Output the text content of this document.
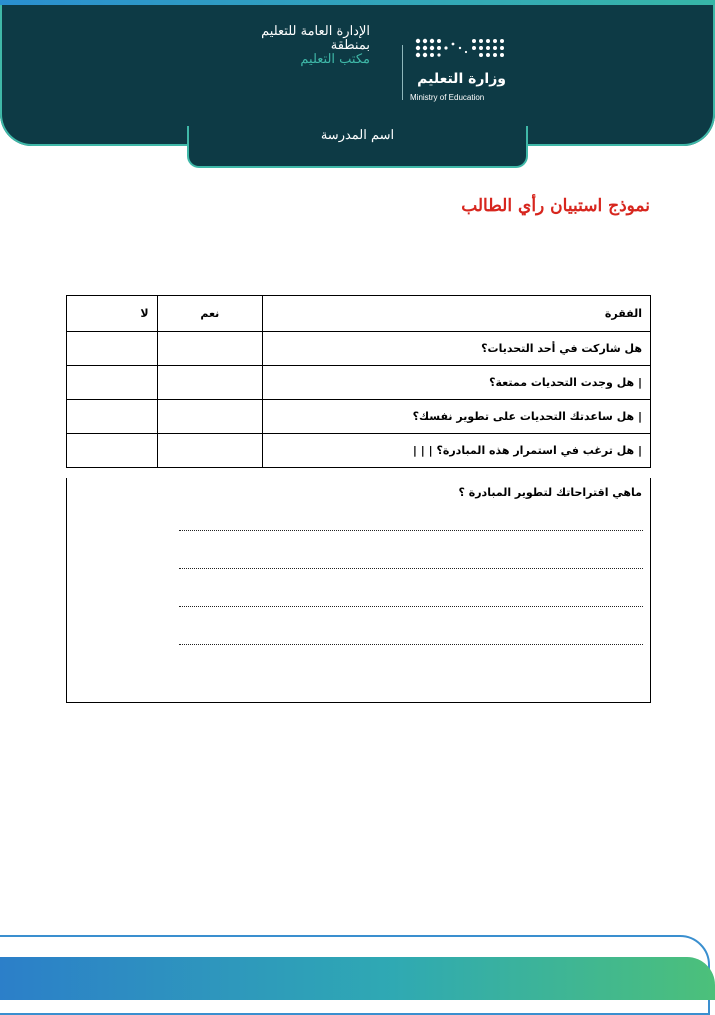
الإدارة العامة للتعليم
بمنطقة
مكتب التعليم
وزارة التعليم
Ministry of Education
اسم المدرسة
نموذج استبيان رأي الطالب
لا	نعم	الفقرة
		هل شاركت في أحد التحديات؟
		| هل وجدت التحديات ممتعة؟
		| هل ساعدتك التحديات على تطوير نفسك؟
		| هل ترغب في استمرار هذه المبادرة؟ | | |
ماهي اقتراحاتك لتطوير المبادرة ؟
